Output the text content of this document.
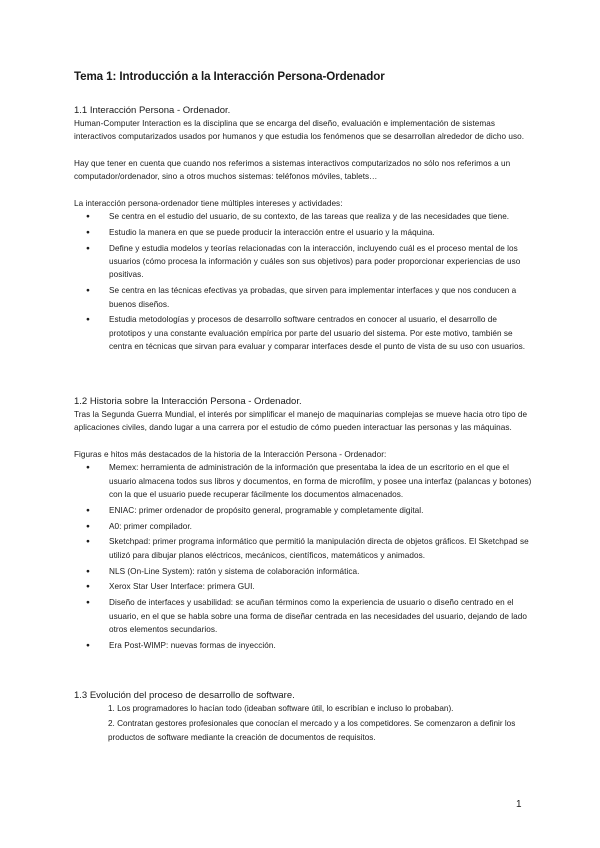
Tema 1: Introducción a la Interacción Persona-Ordenador

1.1 Interacción Persona - Ordenador.

Human-Computer Interaction es la disciplina que se encarga del diseño, evaluación e implementación de sistemas interactivos computarizados usados por humanos y que estudia los fenómenos que se desarrollan alrededor de dicho uso.

Hay que tener en cuenta que cuando nos referimos a sistemas interactivos computarizados no sólo nos referimos a un computador/ordenador, sino a otros muchos sistemas: teléfonos móviles, tablets…

La interacción persona-ordenador tiene múltiples intereses y actividades:

● Se centra en el estudio del usuario, de su contexto, de las tareas que realiza y de las necesidades que tiene.
● Estudio la manera en que se puede producir la interacción entre el usuario y la máquina.
● Define y estudia modelos y teorías relacionadas con la interacción, incluyendo cuál es el proceso mental de los usuarios (cómo procesa la información y cuáles son sus objetivos) para poder proporcionar experiencias de uso positivas.
● Se centra en las técnicas efectivas ya probadas, que sirven para implementar interfaces y que nos conducen a buenos diseños.
● Estudia metodologías y procesos de desarrollo software centrados en conocer al usuario, el desarrollo de prototipos y una constante evaluación empírica por parte del usuario del sistema. Por este motivo, también se centra en técnicas que sirvan para evaluar y comparar interfaces desde el punto de vista de su uso con usuarios.

1.2 Historia sobre la Interacción Persona - Ordenador.

Tras la Segunda Guerra Mundial, el interés por simplificar el manejo de maquinarias complejas se mueve hacia otro tipo de aplicaciones civiles, dando lugar a una carrera por el estudio de cómo pueden interactuar las personas y las máquinas.

Figuras e hitos más destacados de la historia de la Interacción Persona - Ordenador:

● Memex: herramienta de administración de la información que presentaba la idea de un escritorio en el que el usuario almacena todos sus libros y documentos, en forma de microfilm, y posee una interfaz (palancas y botones) con la que el usuario puede recuperar fácilmente los documentos almacenados.
● ENIAC: primer ordenador de propósito general, programable y completamente digital.
● A0: primer compilador.
● Sketchpad: primer programa informático que permitió la manipulación directa de objetos gráficos. El Sketchpad se utilizó para dibujar planos eléctricos, mecánicos, científicos, matemáticos y animados.
● NLS (On-Line System): ratón y sistema de colaboración informática.
● Xerox Star User Interface: primera GUI.
● Diseño de interfaces y usabilidad: se acuñan términos como la experiencia de usuario o diseño centrado en el usuario, en el que se habla sobre una forma de diseñar centrada en las necesidades del usuario, dejando de lado otros elementos secundarios.
● Era Post-WIMP: nuevas formas de inyección.

1.3 Evolución del proceso de desarrollo de software.

1. Los programadores lo hacían todo (ideaban software útil, lo escribían e incluso lo probaban).
2. Contratan gestores profesionales que conocían el mercado y a los competidores. Se comenzaron a definir los productos de software mediante la creación de documentos de requisitos.
1
